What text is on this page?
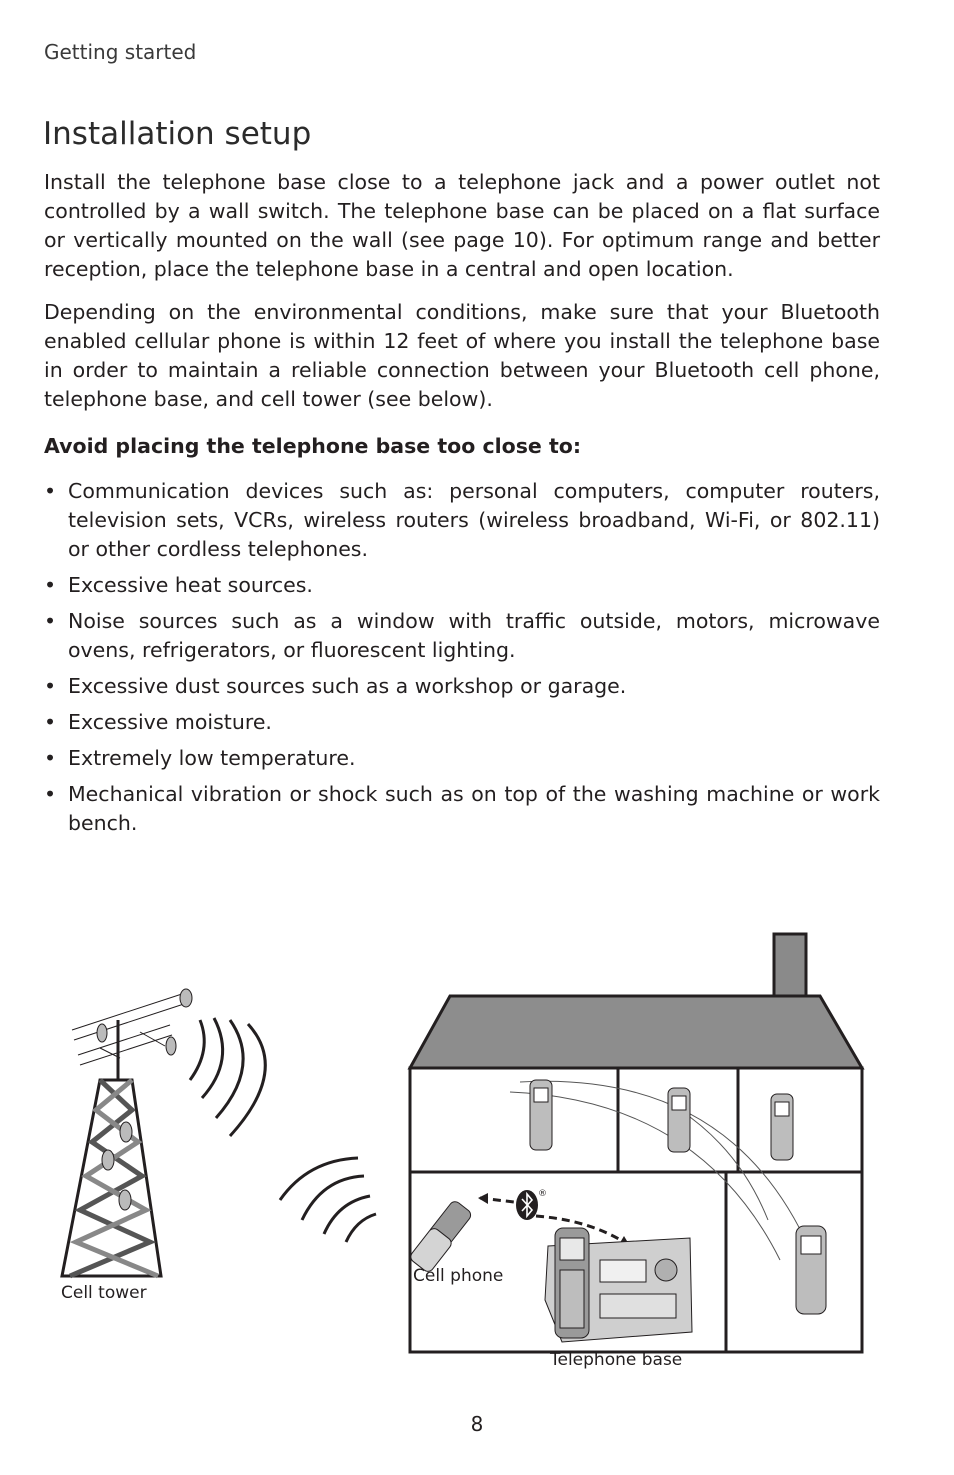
Getting started
Installation setup

Install the telephone base close to a telephone jack and a power outlet not controlled by a wall switch. The telephone base can be placed on a flat surface or vertically mounted on the wall (see page 10). For optimum range and better reception, place the telephone base in a central and open location.

Depending on the environmental conditions, make sure that your Bluetooth enabled cellular phone is within 12 feet of where you install the telephone base in order to maintain a reliable connection between your Bluetooth cell phone, telephone base, and cell tower (see below).

Avoid placing the telephone base too close to:

• Communication devices such as: personal computers, computer routers, television sets, VCRs, wireless routers (wireless broadband, Wi-Fi, or 802.11) or other cordless telephones.
• Excessive heat sources.
• Noise sources such as a window with traffic outside, motors, microwave ovens, refrigerators, or fluorescent lighting.
• Excessive dust sources such as a workshop or garage.
• Excessive moisture.
• Extremely low temperature.
• Mechanical vibration or shock such as on top of the washing machine or work bench.
®
Cell tower
Cell phone
Telephone base
8
